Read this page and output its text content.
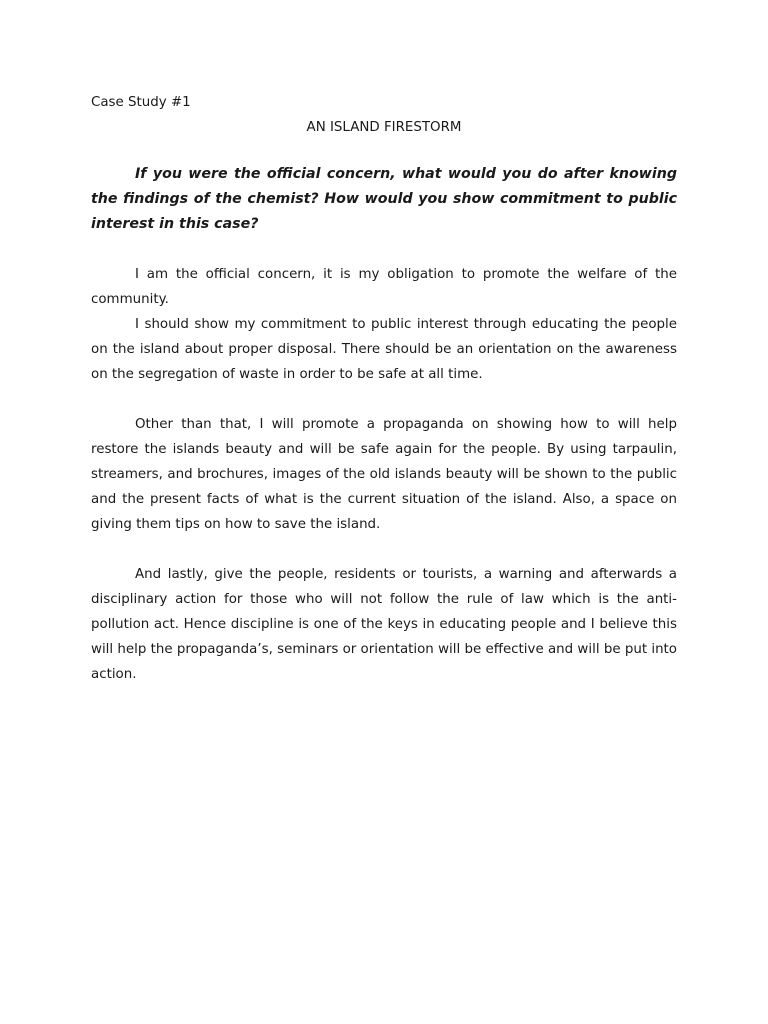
Case Study #1

AN ISLAND FIRESTORM

If you were the official concern, what would you do after knowing the findings of the chemist? How would you show commitment to public interest in this case?

I am the official concern, it is my obligation to promote the welfare of the community.

I should show my commitment to public interest through educating the people on the island about proper disposal. There should be an orientation on the awareness on the segregation of waste in order to be safe at all time.

Other than that, I will promote a propaganda on showing how to will help restore the islands beauty and will be safe again for the people. By using tarpaulin, streamers, and brochures, images of the old islands beauty will be shown to the public and the present facts of what is the current situation of the island. Also, a space on giving them tips on how to save the island.

And lastly, give the people, residents or tourists, a warning and afterwards a disciplinary action for those who will not follow the rule of law which is the anti-pollution act. Hence discipline is one of the keys in educating people and I believe this will help the propaganda’s, seminars or orientation will be effective and will be put into action.
